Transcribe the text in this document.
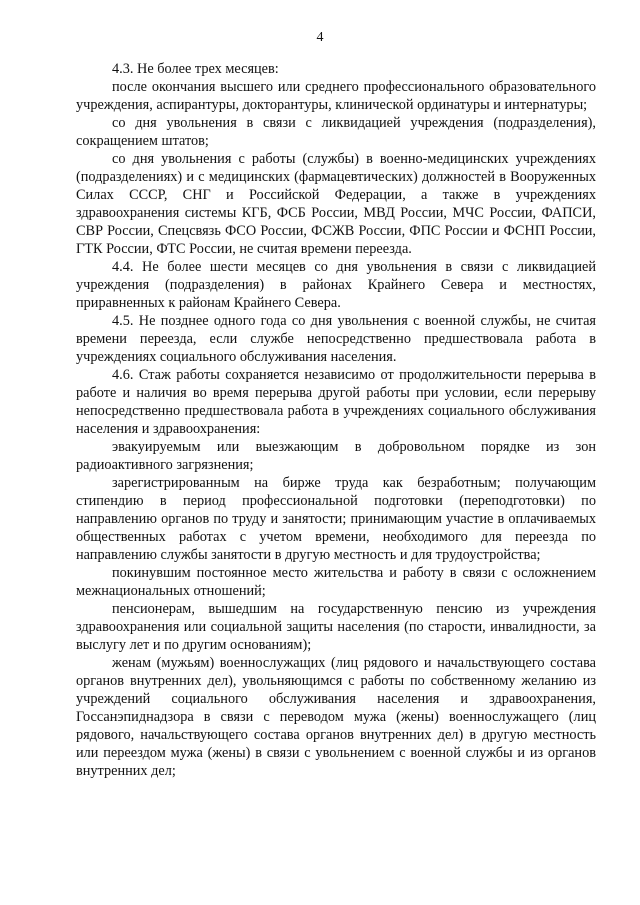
4

4.3. Не более трех месяцев:

после окончания высшего или среднего профессионального образовательного учреждения, аспирантуры, докторантуры, клинической ординатуры и интернатуры;

со дня увольнения в связи с ликвидацией учреждения (подразделения), сокращением штатов;

со дня увольнения с работы (службы) в военно-медицинских учреждениях (подразделениях) и с медицинских (фармацевтических) должностей в Вооруженных Силах СССР, СНГ и Российской Федерации, а также в учреждениях здравоохранения системы КГБ, ФСБ России, МВД России, МЧС России, ФАПСИ, СВР России, Спецсвязь ФСО России, ФСЖВ России, ФПС России и ФСНП России, ГТК России, ФТС России, не считая времени переезда.

4.4. Не более шести месяцев со дня увольнения в связи с ликвидацией учреждения (подразделения) в районах Крайнего Севера и местностях, приравненных к районам Крайнего Севера.

4.5. Не позднее одного года со дня увольнения с военной службы, не считая времени переезда, если службе непосредственно предшествовала работа в учреждениях социального обслуживания населения.

4.6. Стаж работы сохраняется независимо от продолжительности перерыва в работе и наличия во время перерыва другой работы при условии, если перерыву непосредственно предшествовала работа в учреждениях социального обслуживания населения и здравоохранения:

эвакуируемым или выезжающим в добровольном порядке из зон радиоактивного загрязнения;

зарегистрированным на бирже труда как безработным; получающим стипендию в период профессиональной подготовки (переподготовки) по направлению органов по труду и занятости; принимающим участие в оплачиваемых общественных работах с учетом времени, необходимого для переезда по направлению службы занятости в другую местность и для трудоустройства;

покинувшим постоянное место жительства и работу в связи с осложнением межнациональных отношений;

пенсионерам, вышедшим на государственную пенсию из учреждения здравоохранения или социальной защиты населения (по старости, инвалидности, за выслугу лет и по другим основаниям);

женам (мужьям) военнослужащих (лиц рядового и начальствующего состава органов внутренних дел), увольняющимся с работы по собственному желанию из учреждений социального обслуживания населения и здравоохранения, Госсанэпиднадзора в связи с переводом мужа (жены) военнослужащего (лиц рядового, начальствующего состава органов внутренних дел) в другую местность или переездом мужа (жены) в связи с увольнением с военной службы и из органов внутренних дел;
